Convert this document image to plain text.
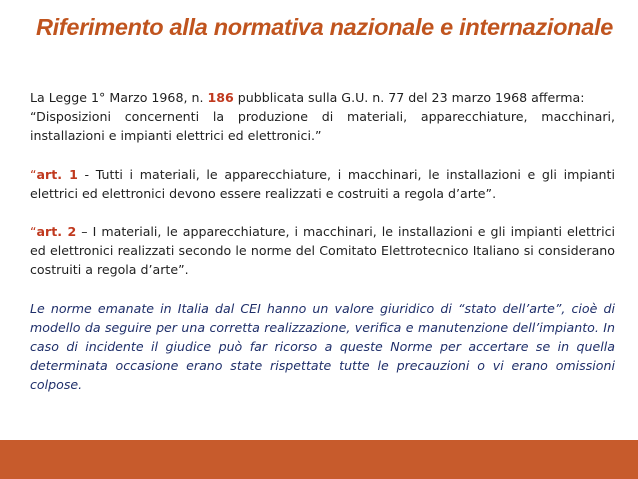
Riferimento alla normativa nazionale e internazionale

La Legge 1° Marzo 1968, n. 186 pubblicata sulla G.U. n. 77 del 23 marzo 1968 afferma:
“Disposizioni concernenti la produzione di materiali, apparecchiature, macchinari, installazioni e impianti elettrici ed elettronici.”

“art. 1 - Tutti i materiali, le apparecchiature, i macchinari, le installazioni e gli impianti elettrici ed elettronici devono essere realizzati e costruiti a regola d’arte”.

“art. 2 – I materiali, le apparecchiature, i macchinari, le installazioni e gli impianti elettrici ed elettronici realizzati secondo le norme del Comitato Elettrotecnico Italiano si considerano costruiti a regola d’arte”.

Le norme emanate in Italia dal CEI hanno un valore giuridico di “stato dell’arte”, cioè di modello da seguire per una corretta realizzazione, verifica e manutenzione dell’impianto. In caso di incidente il giudice può far ricorso a queste Norme per accertare se in quella determinata occasione erano state rispettate tutte le precauzioni o vi erano omissioni colpose.
